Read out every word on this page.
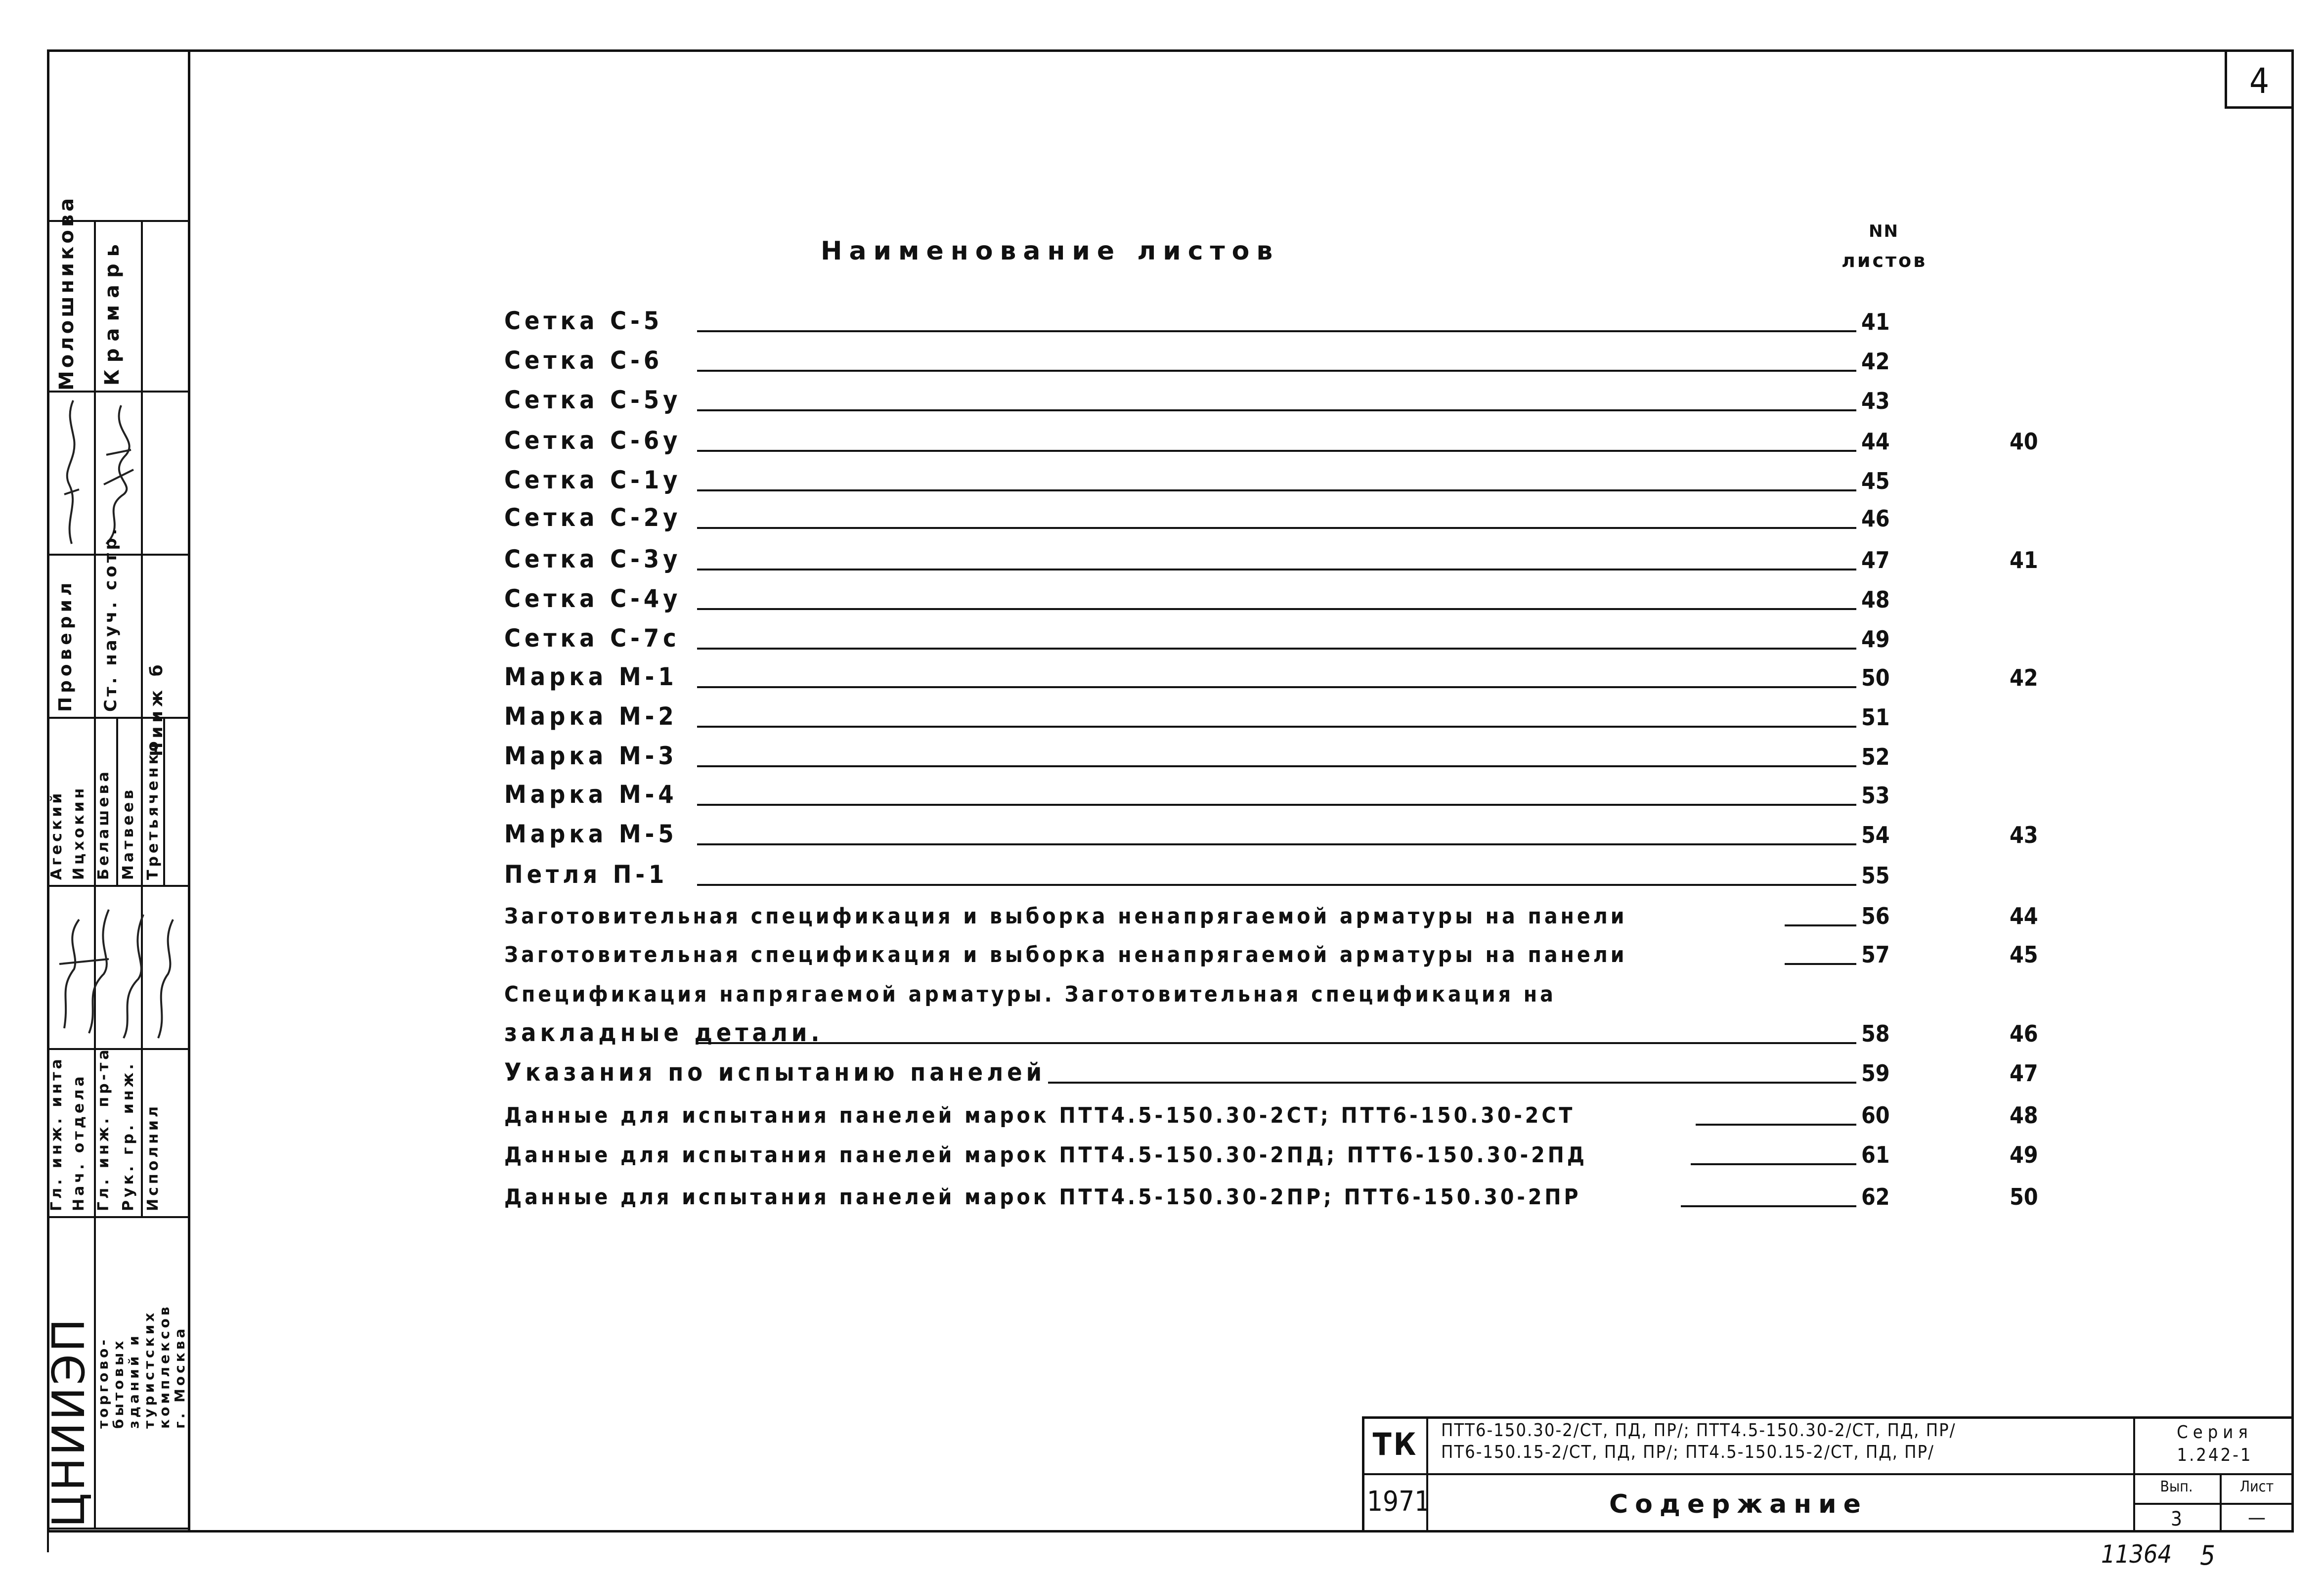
4
Молошникова Крамарь
Проверил Ст. науч. сотр. Нииж б
Агеский Ицхокин Белашева Матвеев Третьяченко
Гл. инж. инта Нач. отдела Гл. инж. пр-та Рук. гр. инж. Исполнил
ЦНИИЭП торгово-
бытовых
зданий и
туристских
комплексов
г. Москва
Наименование листов
NN
листов
Сетка С-5	41
Сетка С-6	42
Сетка С-5у	43
Сетка С-6у	44	40
Сетка С-1у	45
Сетка С-2у	46
Сетка С-3у	47	41
Сетка С-4у	48
Сетка С-7с	49
Марка М-1	50	42
Марка М-2	51
Марка М-3	52
Марка М-4	53
Марка М-5	54	43
Петля П-1	55
Заготовительная спецификация и выборка ненапрягаемой арматуры на панели	56	44
Заготовительная спецификация и выборка ненапрягаемой арматуры на панели	57	45
Спецификация напрягаемой арматуры. Заготовительная спецификация на
закладные детали.	58	46
Указания по испытанию панелей	59	47
Данные для испытания панелей марок ПТТ4.5-150.30-2СТ; ПТТ6-150.30-2СТ	60	48
Данные для испытания панелей марок ПТТ4.5-150.30-2ПД; ПТТ6-150.30-2ПД	61	49
Данные для испытания панелей марок ПТТ4.5-150.30-2ПР; ПТТ6-150.30-2ПР	62	50
ТК
1971
ПТТ6-150.30-2/СТ, ПД, ПР/; ПТТ4.5-150.30-2/СТ, ПД, ПР/
ПТ6-150.15-2/СТ, ПД, ПР/; ПТ4.5-150.15-2/СТ, ПД, ПР/
Содержание
Серия
1.242-1
Вып.
3
Лист
—
11364 5
